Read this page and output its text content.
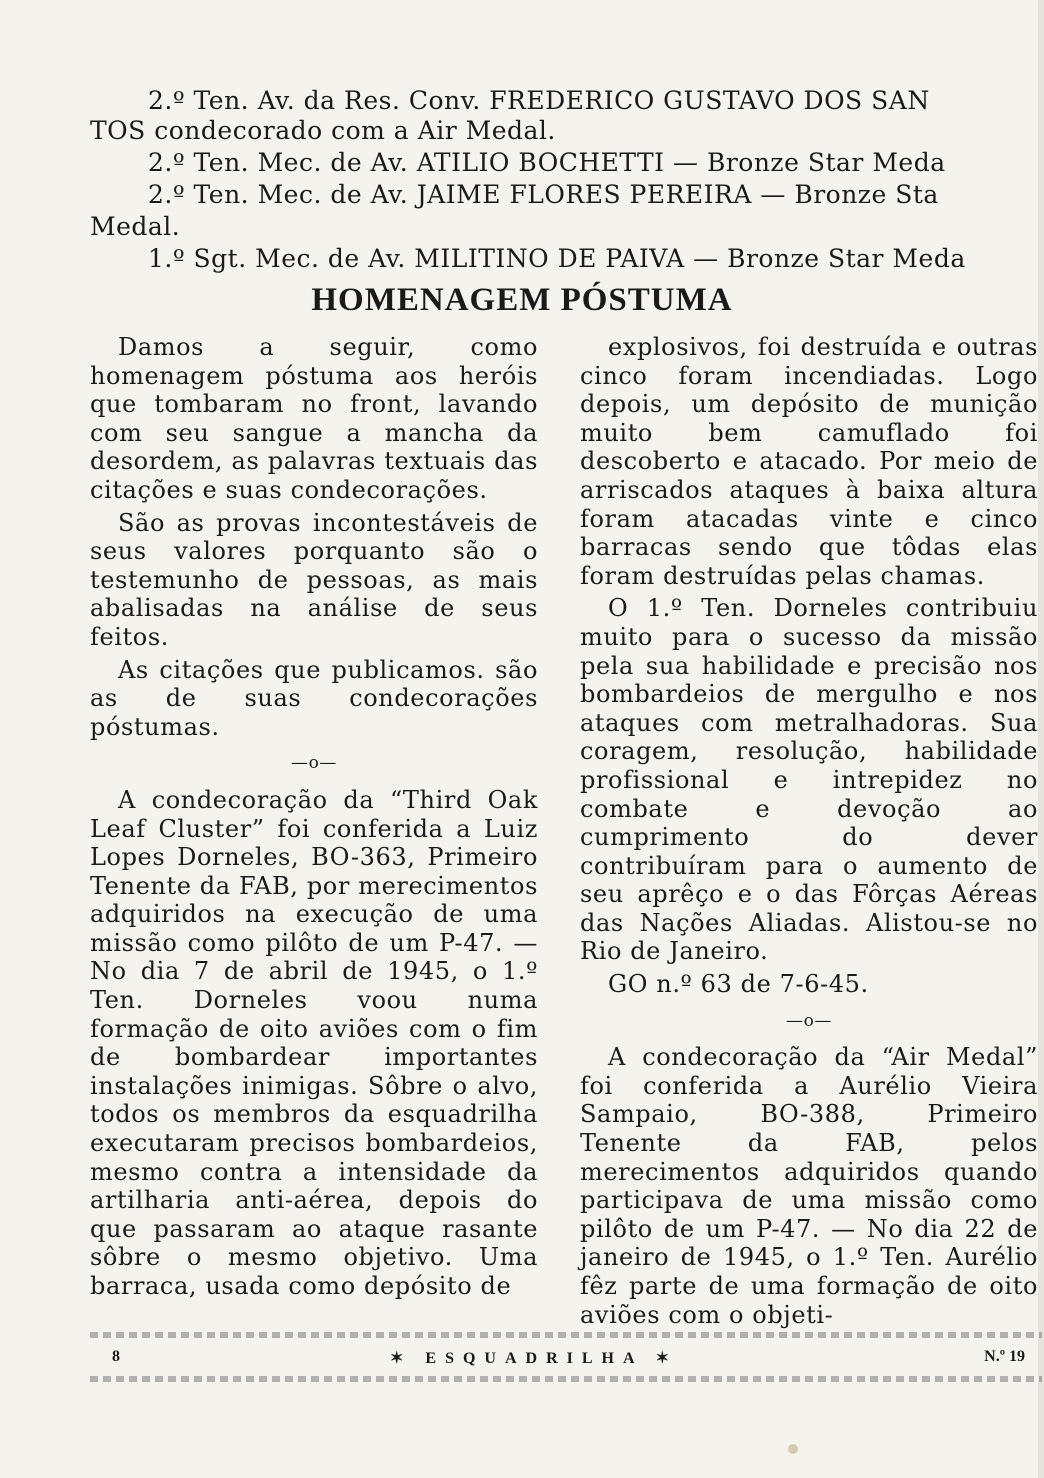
2.º Ten. Av. da Res. Conv. FREDERICO GUSTAVO DOS SAN
TOS condecorado com a Air Medal.
2.º Ten. Mec. de Av. ATILIO BOCHETTI — Bronze Star Meda
2.º Ten. Mec. de Av. JAIME FLORES PEREIRA — Bronze Sta
Medal.
1.º Sgt. Mec. de Av. MILITINO DE PAIVA — Bronze Star Meda
HOMENAGEM PÓSTUMA

Damos a seguir, como homenagem póstuma aos heróis que tombaram no front, lavando com seu sangue a mancha da desordem, as palavras textuais das citações e suas condecorações.

São as provas incontestáveis de seus valores porquanto são o testemunho de pessoas, as mais abalisadas na análise de seus feitos.

As citações que publicamos. são as de suas condecorações póstumas.

—o—

A condecoração da “Third Oak Leaf Cluster” foi conferida a Luiz Lopes Dorneles, BO-363, Primeiro Tenente da FAB, por merecimentos adquiridos na execução de uma missão como pilôto de um P-47. — No dia 7 de abril de 1945, o 1.º Ten. Dorneles voou numa formação de oito aviões com o fim de bombardear importantes instalações inimigas. Sôbre o alvo, todos os membros da esquadrilha executaram precisos bombardeios, mesmo contra a intensidade da artilharia anti-aérea, depois do que passaram ao ataque rasante sôbre o mesmo objetivo. Uma barraca, usada como depósito de

explosivos, foi destruída e outras cinco foram incendiadas. Logo depois, um depósito de munição muito bem camuflado foi descoberto e atacado. Por meio de arriscados ataques à baixa altura foram atacadas vinte e cinco barracas sendo que tôdas elas foram destruídas pelas chamas.

O 1.º Ten. Dorneles contribuiu muito para o sucesso da missão pela sua habilidade e precisão nos bombardeios de mergulho e nos ataques com metralhadoras. Sua coragem, resolução, habilidade profissional e intrepidez no combate e devoção ao cumprimento do dever contribuíram para o aumento de seu aprêço e o das Fôrças Aéreas das Nações Aliadas. Alistou-se no Rio de Janeiro.

GO n.º 63 de 7-6-45.

—o—

A condecoração da “Air Medal” foi conferida a Aurélio Vieira Sampaio, BO-388, Primeiro Tenente da FAB, pelos merecimentos adquiridos quando participava de uma missão como pilôto de um P-47. — No dia 22 de janeiro de 1945, o 1.º Ten. Aurélio fêz parte de uma formação de oito aviões com o objeti-

8	✶ ESQUADRILHA ✶	N.º 19
